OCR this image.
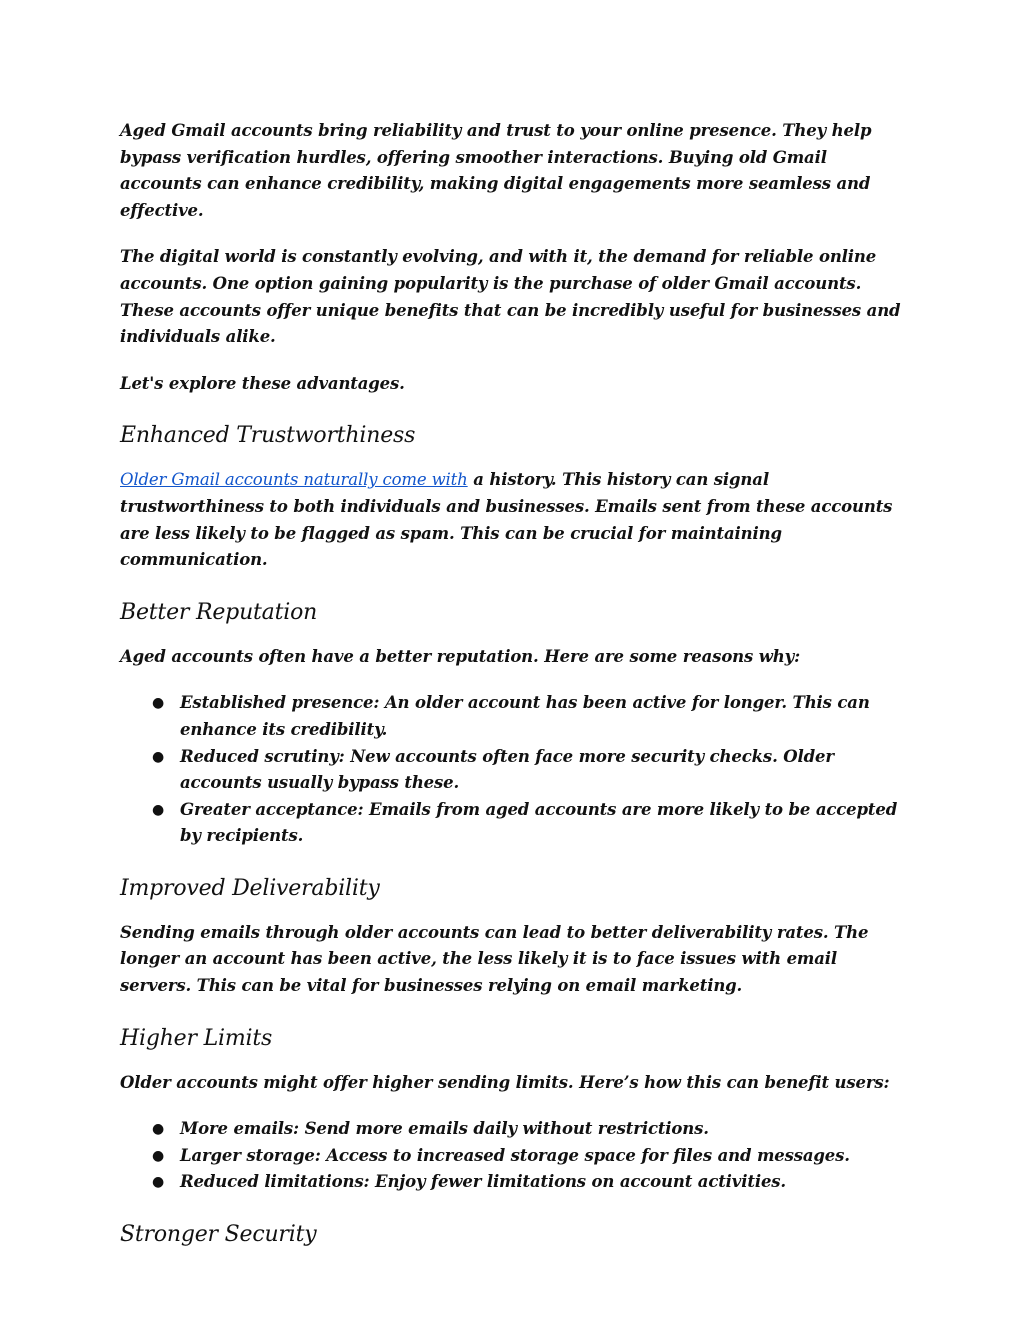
Aged Gmail accounts bring reliability and trust to your online presence. They help bypass verification hurdles, offering smoother interactions. Buying old Gmail accounts can enhance credibility, making digital engagements more seamless and effective.

The digital world is constantly evolving, and with it, the demand for reliable online accounts. One option gaining popularity is the purchase of older Gmail accounts. These accounts offer unique benefits that can be incredibly useful for businesses and individuals alike.

Let's explore these advantages.

Enhanced Trustworthiness

Older Gmail accounts naturally come with a history. This history can signal trustworthiness to both individuals and businesses. Emails sent from these accounts are less likely to be flagged as spam. This can be crucial for maintaining communication.

Better Reputation

Aged accounts often have a better reputation. Here are some reasons why:

● Established presence: An older account has been active for longer. This can enhance its credibility.
● Reduced scrutiny: New accounts often face more security checks. Older accounts usually bypass these.
● Greater acceptance: Emails from aged accounts are more likely to be accepted by recipients.
Improved Deliverability

Sending emails through older accounts can lead to better deliverability rates. The longer an account has been active, the less likely it is to face issues with email servers. This can be vital for businesses relying on email marketing.

Higher Limits

Older accounts might offer higher sending limits. Here’s how this can benefit users:

● More emails: Send more emails daily without restrictions.
● Larger storage: Access to increased storage space for files and messages.
● Reduced limitations: Enjoy fewer limitations on account activities.
Stronger Security
